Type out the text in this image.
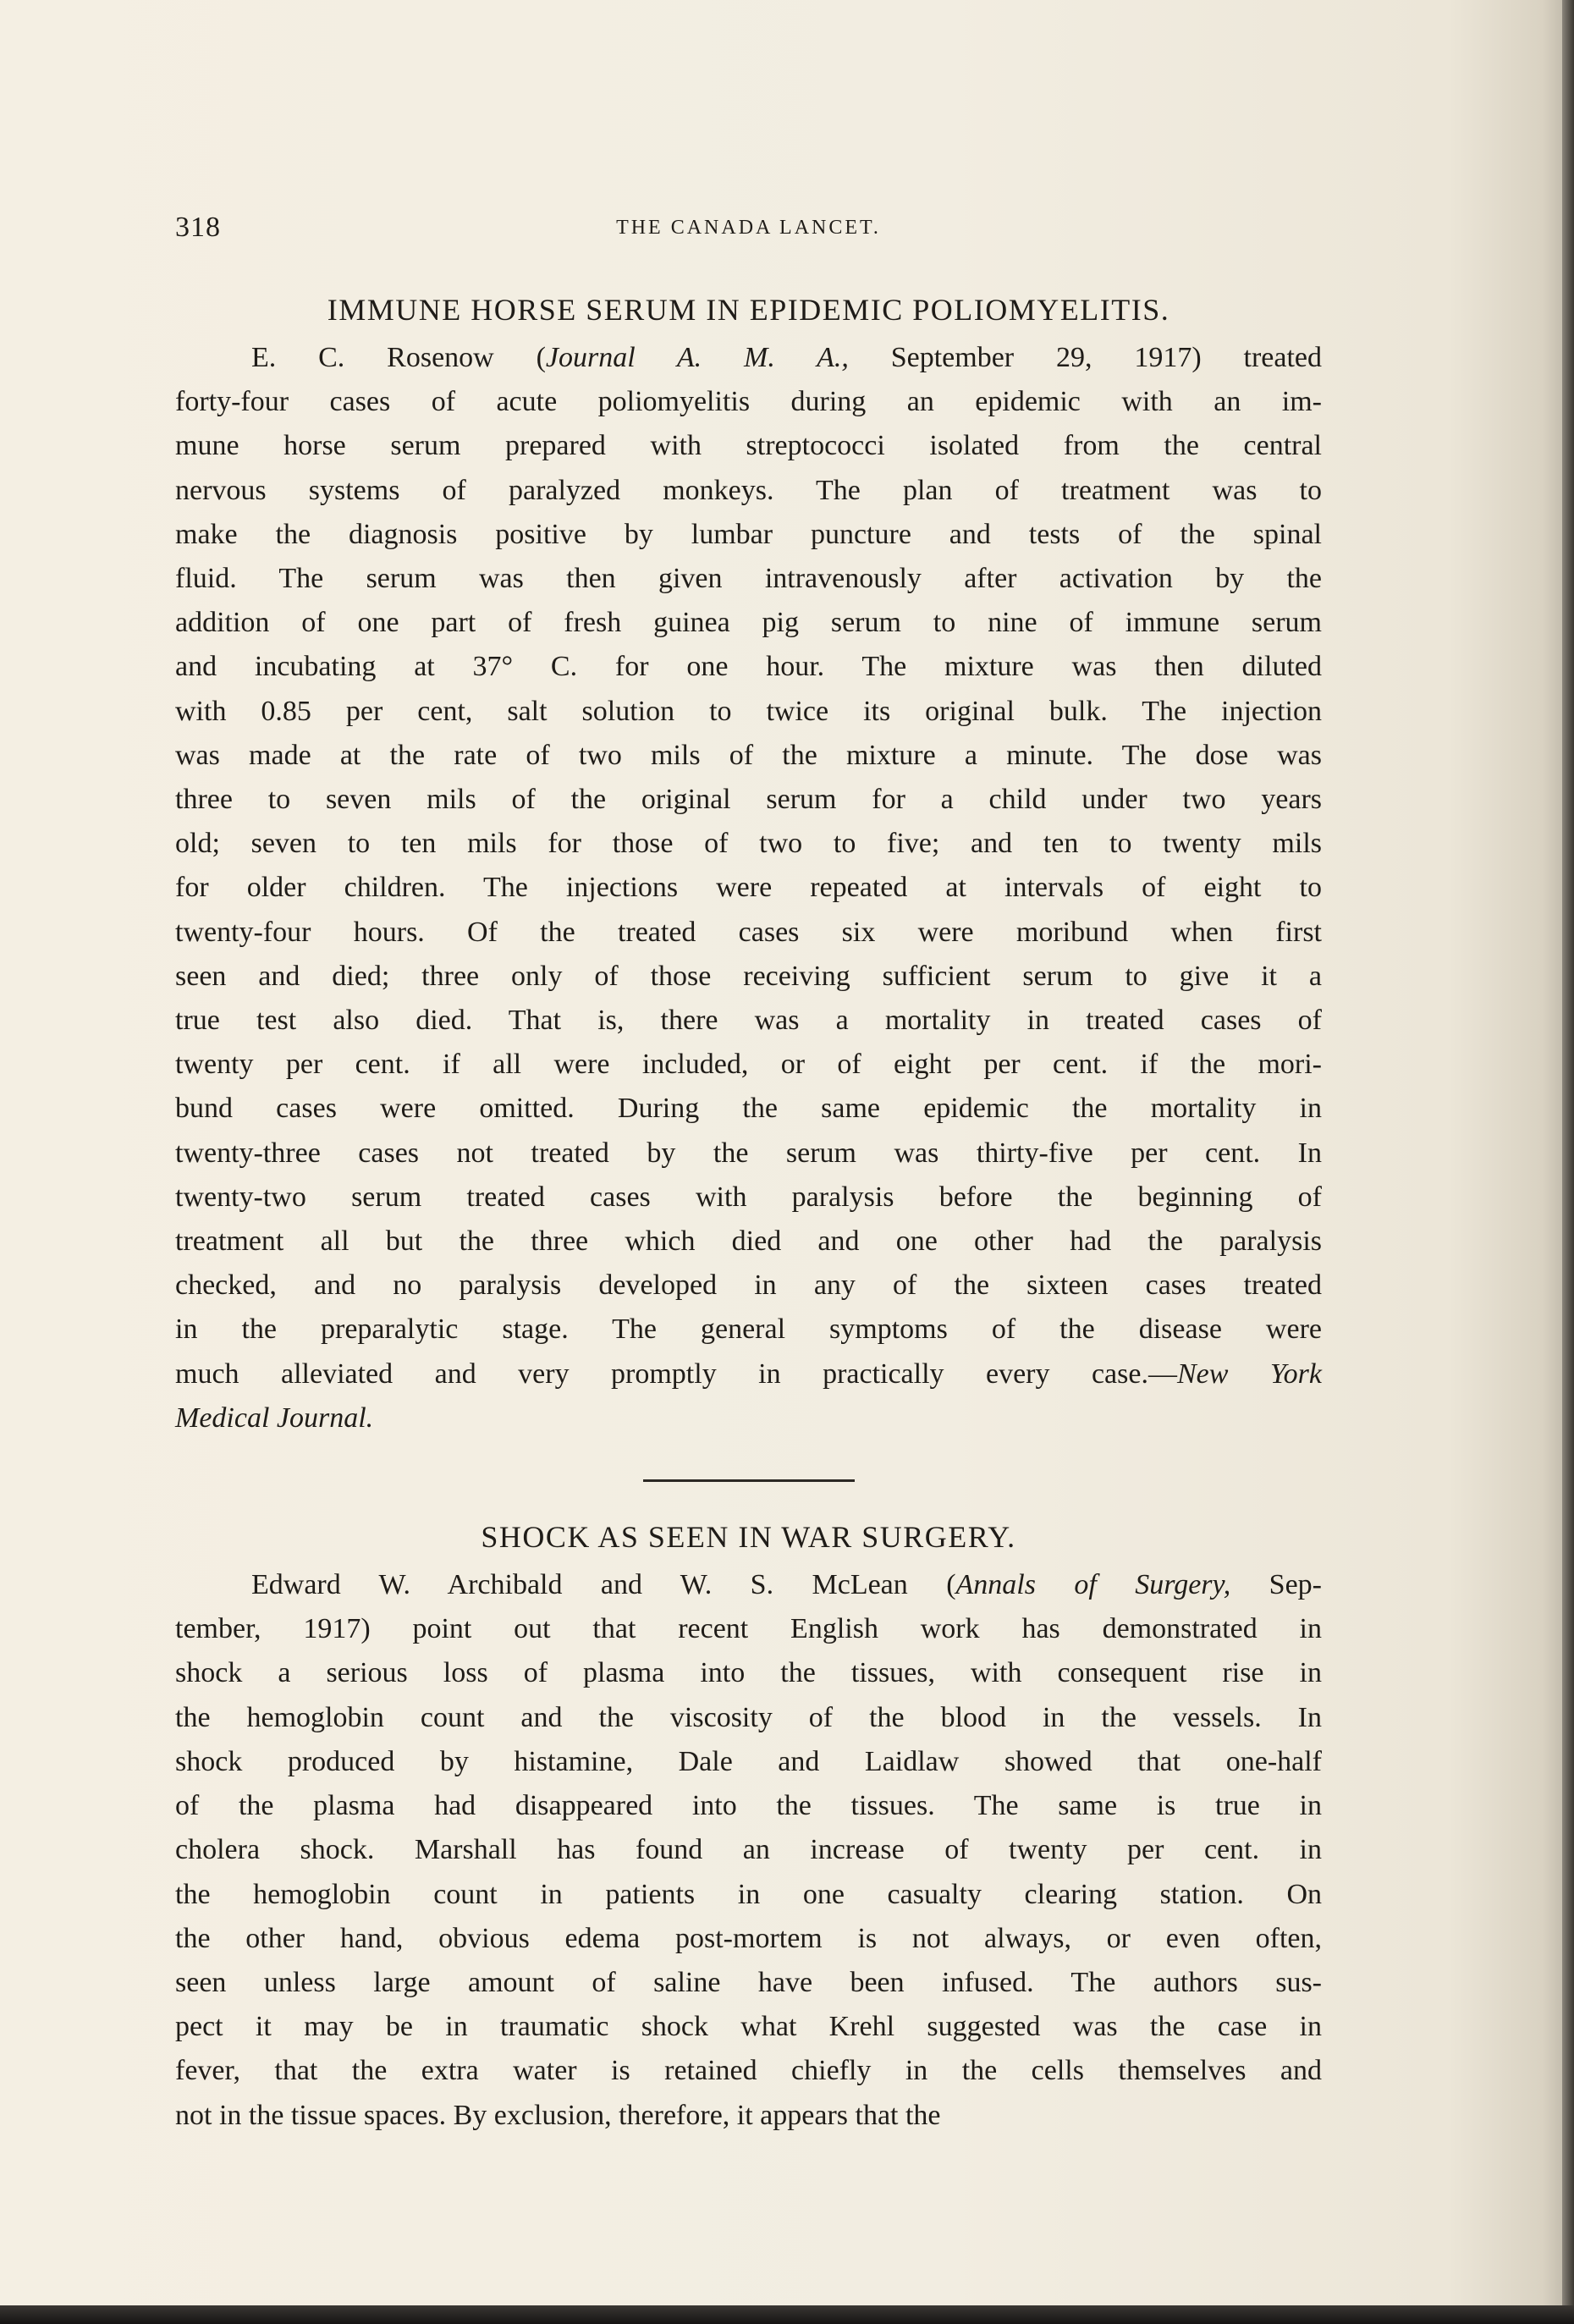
318	THE CANADA LANCET.
IMMUNE HORSE SERUM IN EPIDEMIC POLIOMYELITIS.
E. C. Rosenow (Journal A. M. A., September 29, 1917) treated
forty-four cases of acute poliomyelitis during an epidemic with an im-
mune horse serum prepared with streptococci isolated from the central
nervous systems of paralyzed monkeys. The plan of treatment was to
make the diagnosis positive by lumbar puncture and tests of the spinal
fluid. The serum was then given intravenously after activation by the
addition of one part of fresh guinea pig serum to nine of immune serum
and incubating at 37° C. for one hour. The mixture was then diluted
with 0.85 per cent, salt solution to twice its original bulk. The injection
was made at the rate of two mils of the mixture a minute. The dose was
three to seven mils of the original serum for a child under two years
old; seven to ten mils for those of two to five; and ten to twenty mils
for older children. The injections were repeated at intervals of eight to
twenty-four hours. Of the treated cases six were moribund when first
seen and died; three only of those receiving sufficient serum to give it a
true test also died. That is, there was a mortality in treated cases of
twenty per cent. if all were included, or of eight per cent. if the mori-
bund cases were omitted. During the same epidemic the mortality in
twenty-three cases not treated by the serum was thirty-five per cent. In
twenty-two serum treated cases with paralysis before the beginning of
treatment all but the three which died and one other had the paralysis
checked, and no paralysis developed in any of the sixteen cases treated
in the preparalytic stage. The general symptoms of the disease were
much alleviated and very promptly in practically every case.—New York
Medical Journal.
SHOCK AS SEEN IN WAR SURGERY.
Edward W. Archibald and W. S. McLean (Annals of Surgery, Sep-
tember, 1917) point out that recent English work has demonstrated in
shock a serious loss of plasma into the tissues, with consequent rise in
the hemoglobin count and the viscosity of the blood in the vessels. In
shock produced by histamine, Dale and Laidlaw showed that one-half
of the plasma had disappeared into the tissues. The same is true in
cholera shock. Marshall has found an increase of twenty per cent. in
the hemoglobin count in patients in one casualty clearing station. On
the other hand, obvious edema post-mortem is not always, or even often,
seen unless large amount of saline have been infused. The authors sus-
pect it may be in traumatic shock what Krehl suggested was the case in
fever, that the extra water is retained chiefly in the cells themselves and
not in the tissue spaces. By exclusion, therefore, it appears that the
